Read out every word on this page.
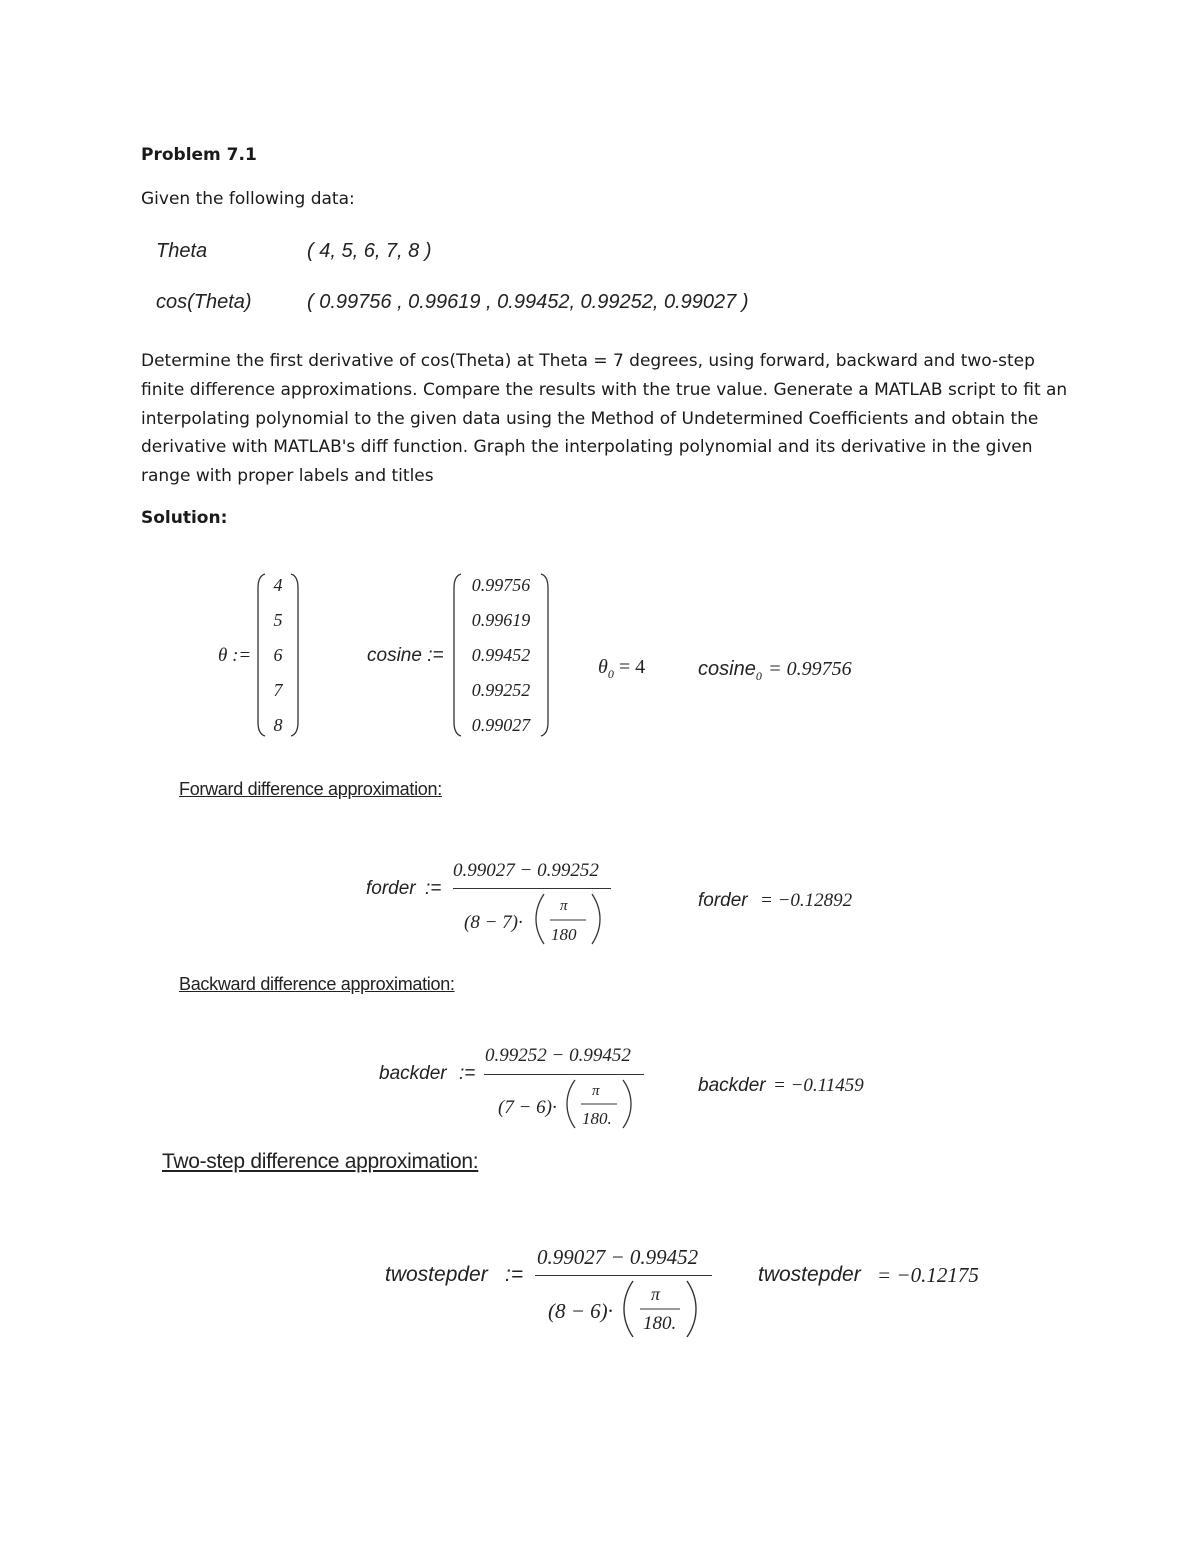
Problem 7.1
Given the following data:
Theta	( 4, 5, 6, 7, 8 )
cos(Theta)	( 0.99756 , 0.99619 , 0.99452, 0.99252, 0.99027 )
Determine the first derivative of cos(Theta) at Theta = 7 degrees, using forward, backward and two-step finite difference approximations. Compare the results with the true value. Generate a MATLAB script to fit an interpolating polynomial to the given data using the Method of Undetermined Coefficients and obtain the derivative with MATLAB's diff function. Graph the interpolating polynomial and its derivative in the given range with proper labels and titles
Solution:
θ :=
4
5
6
7
8
cosine :=
0.99756
0.99619
0.99452
0.99252
0.99027
$\theta_0 = 4$	cosine$_0$ = 0.99756
Forward difference approximation:
forder :=
0.99027 − 0.99252
(8 − 7)·
π
180
forder = −0.12892
Backward difference approximation:
backder :=
0.99252 − 0.99452
(7 − 6)·
π
180.
backder = −0.11459
Two-step difference approximation:
twostepder :=
0.99027 − 0.99452
(8 − 6)·
π
180.
twostepder = −0.12175
